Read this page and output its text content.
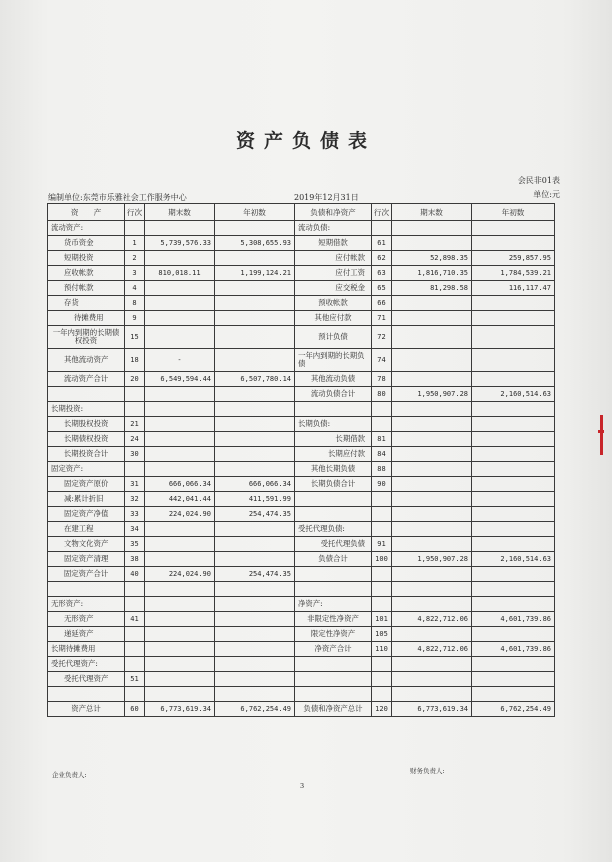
资产负债表
会民非01表
单位:元
编制单位:东莞市乐雅社会工作服务中心	2019年12月31日
资　　产	行次	期末数	年初数	负债和净资产	行次	期末数	年初数
流动资产:				流动负债:			
货币资金	1	5,739,576.33	5,308,655.93	短期借款	61		
短期投资	2			应付帐款	62	52,898.35	259,857.95
应收帐款	3	810,018.11	1,199,124.21	应付工资	63	1,816,710.35	1,784,539.21
预付帐款	4			应交税金	65	81,298.58	116,117.47
存货	8			预收帐款	66		
待摊费用	9			其他应付款	71		
一年内到期的长期债权投资	15			预计负债	72		
其他流动资产	18	-		一年内到期的长期负债	74		
流动资产合计	20	6,549,594.44	6,507,780.14	其他流动负债	78		
				流动负债合计	80	1,950,907.28	2,160,514.63
长期投资:							
长期股权投资	21			长期负债:			
长期债权投资	24			长期借款	81		
长期投资合计	30			长期应付款	84		
固定资产:				其他长期负债	88		
固定资产原价	31	666,066.34	666,066.34	长期负债合计	90		
减:累计折旧	32	442,041.44	411,591.99				
固定资产净值	33	224,024.90	254,474.35				
在建工程	34			受托代理负债:			
文物文化资产	35			受托代理负债	91		
固定资产清理	38			负债合计	100	1,950,907.28	2,160,514.63
固定资产合计	40	224,024.90	254,474.35				

无形资产:				净资产:			
无形资产	41			非限定性净资产	101	4,822,712.06	4,601,739.86
递延资产				限定性净资产	105		
长期待摊费用				净资产合计	110	4,822,712.06	4,601,739.86
受托代理资产:							
受托代理资产	51						

资产总计	60	6,773,619.34	6,762,254.49	负债和净资产总计	120	6,773,619.34	6,762,254.49
企业负责人:	财务负责人:
3
